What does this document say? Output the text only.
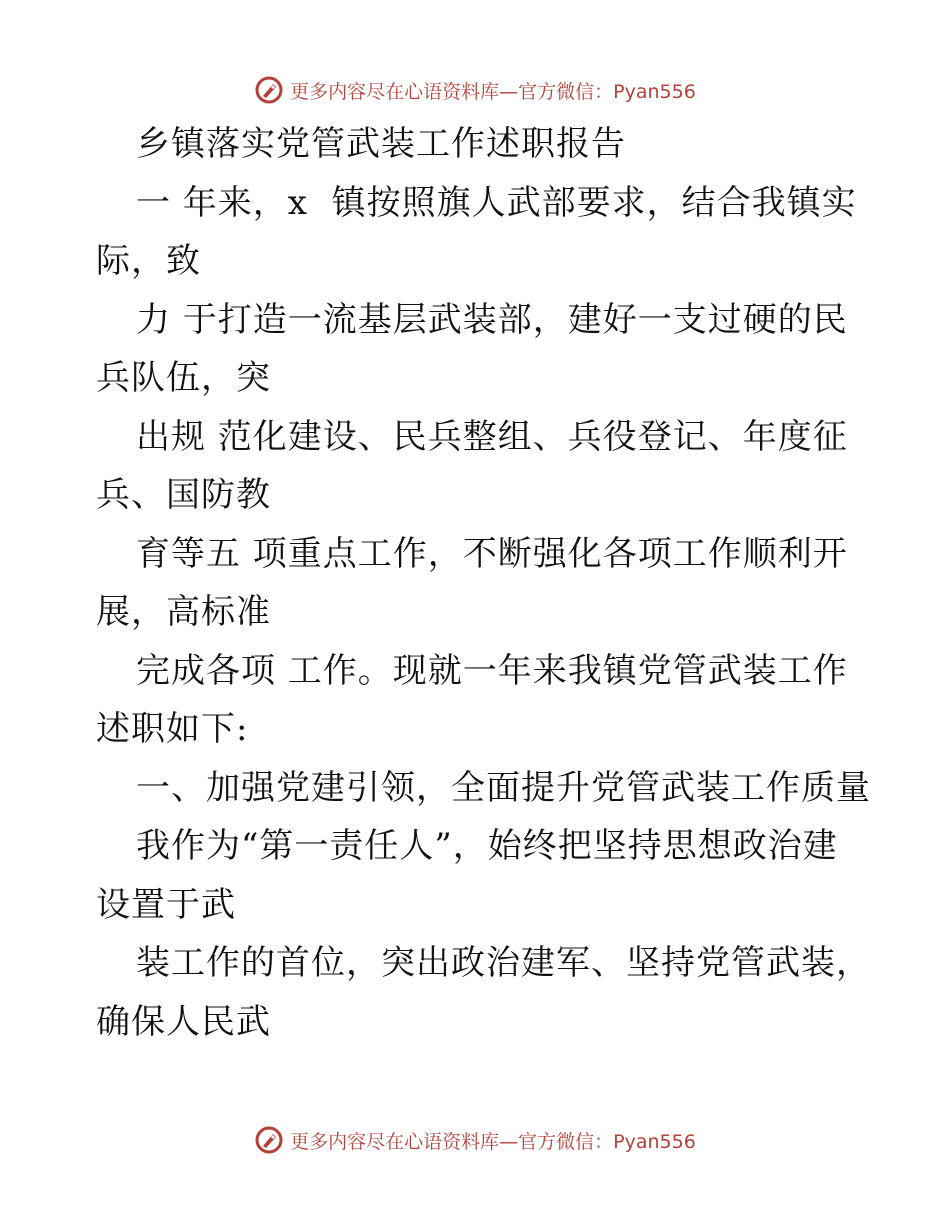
更多内容尽在心语资料库—官方微信：Pyan556
乡镇落实党管武装工作述职报告
一 年来，x  镇按照旗人武部要求，结合我镇实
际，致
力 于打造一流基层武装部，建好一支过硬的民
兵队伍，突
出规 范化建设、民兵整组、兵役登记、年度征
兵、国防教
育等五 项重点工作，不断强化各项工作顺利开
展，高标准
完成各项 工作。现就一年来我镇党管武装工作
述职如下:
一、加强党建引领，全面提升党管武装工作质量
我作为“第一责任人”，始终把坚持思想政治建
设置于武
装工作的首位，突出政治建军、坚持党管武装，
确保人民武
更多内容尽在心语资料库—官方微信：Pyan556
